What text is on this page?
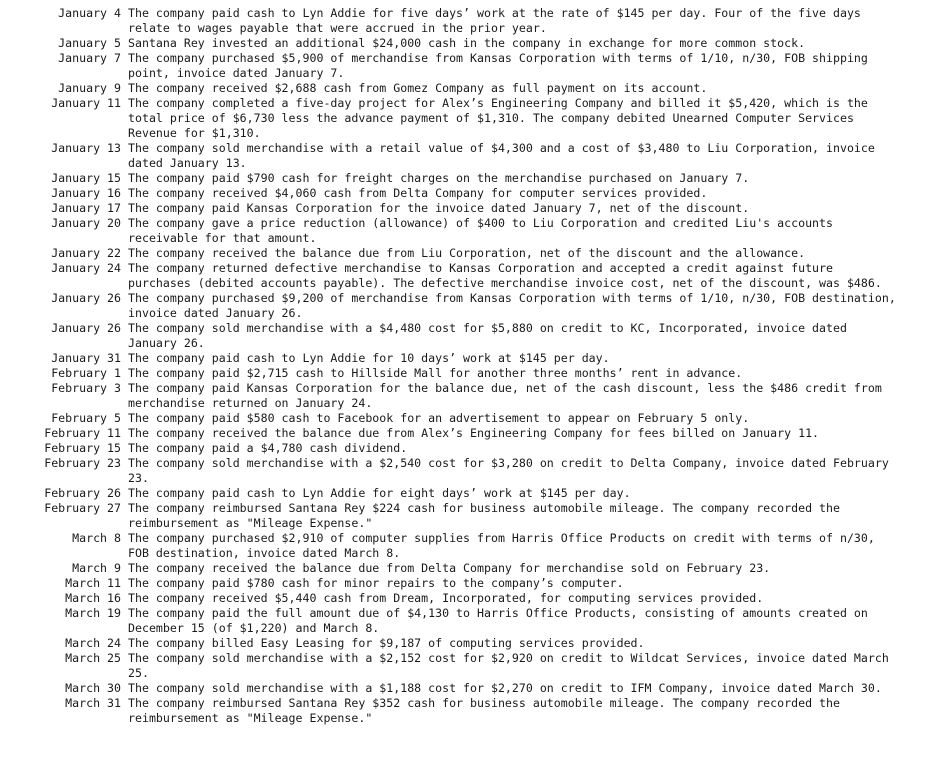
January 4 The company paid cash to Lyn Addie for five days’ work at the rate of $145 per day. Four of the five days relate to wages payable that were accrued in the prior year.
January 5 Santana Rey invested an additional $24,000 cash in the company in exchange for more common stock.
January 7 The company purchased $5,900 of merchandise from Kansas Corporation with terms of 1/10, n/30, FOB shipping point, invoice dated January 7.
January 9 The company received $2,688 cash from Gomez Company as full payment on its account.
January 11 The company completed a five-day project for Alex’s Engineering Company and billed it $5,420, which is the total price of $6,730 less the advance payment of $1,310. The company debited Unearned Computer Services Revenue for $1,310.
January 13 The company sold merchandise with a retail value of $4,300 and a cost of $3,480 to Liu Corporation, invoice dated January 13.
January 15 The company paid $790 cash for freight charges on the merchandise purchased on January 7.
January 16 The company received $4,060 cash from Delta Company for computer services provided.
January 17 The company paid Kansas Corporation for the invoice dated January 7, net of the discount.
January 20 The company gave a price reduction (allowance) of $400 to Liu Corporation and credited Liu's accounts receivable for that amount.
January 22 The company received the balance due from Liu Corporation, net of the discount and the allowance.
January 24 The company returned defective merchandise to Kansas Corporation and accepted a credit against future purchases (debited accounts payable). The defective merchandise invoice cost, net of the discount, was $486.
January 26 The company purchased $9,200 of merchandise from Kansas Corporation with terms of 1/10, n/30, FOB destination, invoice dated January 26.
January 26 The company sold merchandise with a $4,480 cost for $5,880 on credit to KC, Incorporated, invoice dated January 26.
January 31 The company paid cash to Lyn Addie for 10 days’ work at $145 per day.
February 1 The company paid $2,715 cash to Hillside Mall for another three months’ rent in advance.
February 3 The company paid Kansas Corporation for the balance due, net of the cash discount, less the $486 credit from merchandise returned on January 24.
February 5 The company paid $580 cash to Facebook for an advertisement to appear on February 5 only.
February 11 The company received the balance due from Alex’s Engineering Company for fees billed on January 11.
February 15 The company paid a $4,780 cash dividend.
February 23 The company sold merchandise with a $2,540 cost for $3,280 on credit to Delta Company, invoice dated February 23.
February 26 The company paid cash to Lyn Addie for eight days’ work at $145 per day.
February 27 The company reimbursed Santana Rey $224 cash for business automobile mileage. The company recorded the reimbursement as "Mileage Expense."
March 8 The company purchased $2,910 of computer supplies from Harris Office Products on credit with terms of n/30, FOB destination, invoice dated March 8.
March 9 The company received the balance due from Delta Company for merchandise sold on February 23.
March 11 The company paid $780 cash for minor repairs to the company’s computer.
March 16 The company received $5,440 cash from Dream, Incorporated, for computing services provided.
March 19 The company paid the full amount due of $4,130 to Harris Office Products, consisting of amounts created on December 15 (of $1,220) and March 8.
March 24 The company billed Easy Leasing for $9,187 of computing services provided.
March 25 The company sold merchandise with a $2,152 cost for $2,920 on credit to Wildcat Services, invoice dated March 25.
March 30 The company sold merchandise with a $1,188 cost for $2,270 on credit to IFM Company, invoice dated March 30.
March 31 The company reimbursed Santana Rey $352 cash for business automobile mileage. The company recorded the reimbursement as "Mileage Expense."
